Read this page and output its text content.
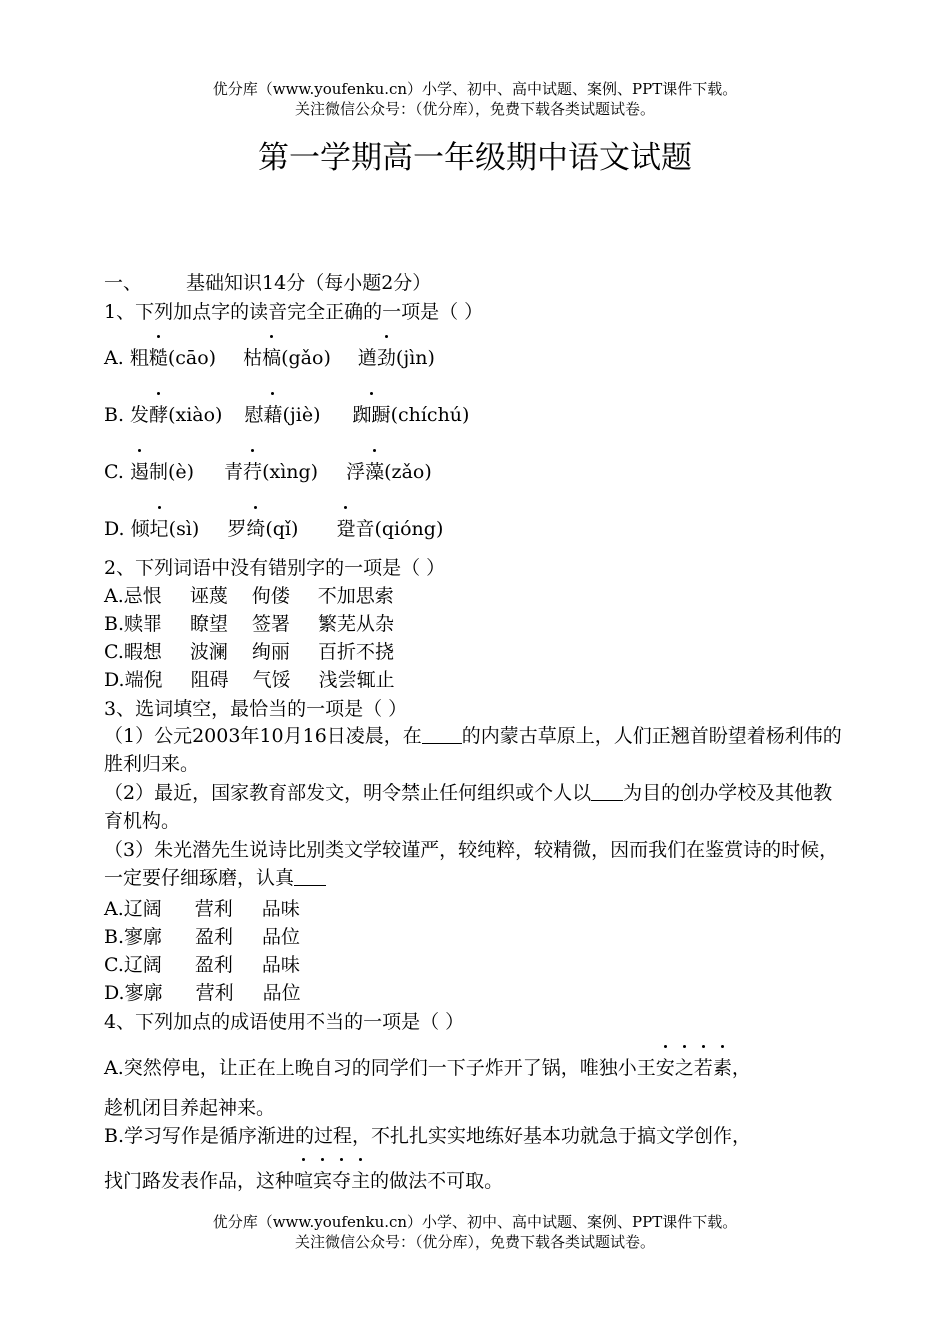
优分库（www.youfenku.cn）小学、初中、高中试题、案例、PPT课件下载。
关注微信公众号：（优分库），免费下载各类试题试卷。
第一学期高一年级期中语文试题
一、 基础知识14分（每小题2分）
1、下列加点字的读音完全正确的一项是（ ）
A. 粗糙(cāo) 枯槁(gǎo) 遒劲(jìn)
B. 发酵(xiào) 慰藉(jiè) 踟蹰(chíchú)
C. 遏制(è) 青荇(xìng) 浮藻(zǎo)
D. 倾圮(sì) 罗绮(qǐ) 跫音(qióng)
2、下列词语中没有错别字的一项是（ ）
A.忌恨 诬蔑 佝偻 不加思索
B.赎罪 瞭望 签署 繁芜从杂
C.暇想 波澜 绚丽 百折不挠
D.端倪 阻碍 气馁 浅尝辄止
3、选词填空，最恰当的一项是（ ）
（1）公元2003年10月16日凌晨，在 的内蒙古草原上，人们正翘首盼望着杨利伟的胜利归来。
（2）最近，国家教育部发文，明令禁止任何组织或个人以 为目的创办学校及其他教育机构。
（3）朱光潜先生说诗比别类文学较谨严，较纯粹，较精微，因而我们在鉴赏诗的时候，一定要仔细琢磨，认真
A.辽阔 营利 品味
B.寥廓 盈利 品位
C.辽阔 盈利 品味
D.寥廓 营利 品位
4、下列加点的成语使用不当的一项是（ ）
A.突然停电，让正在上晚自习的同学们一下子炸开了锅，唯独小王安之若素，
趁机闭目养起神来。
B.学习写作是循序渐进的过程，不扎扎实实地练好基本功就急于搞文学创作，
找门路发表作品，这种喧宾夺主的做法不可取。
优分库（www.youfenku.cn）小学、初中、高中试题、案例、PPT课件下载。
关注微信公众号：（优分库），免费下载各类试题试卷。
